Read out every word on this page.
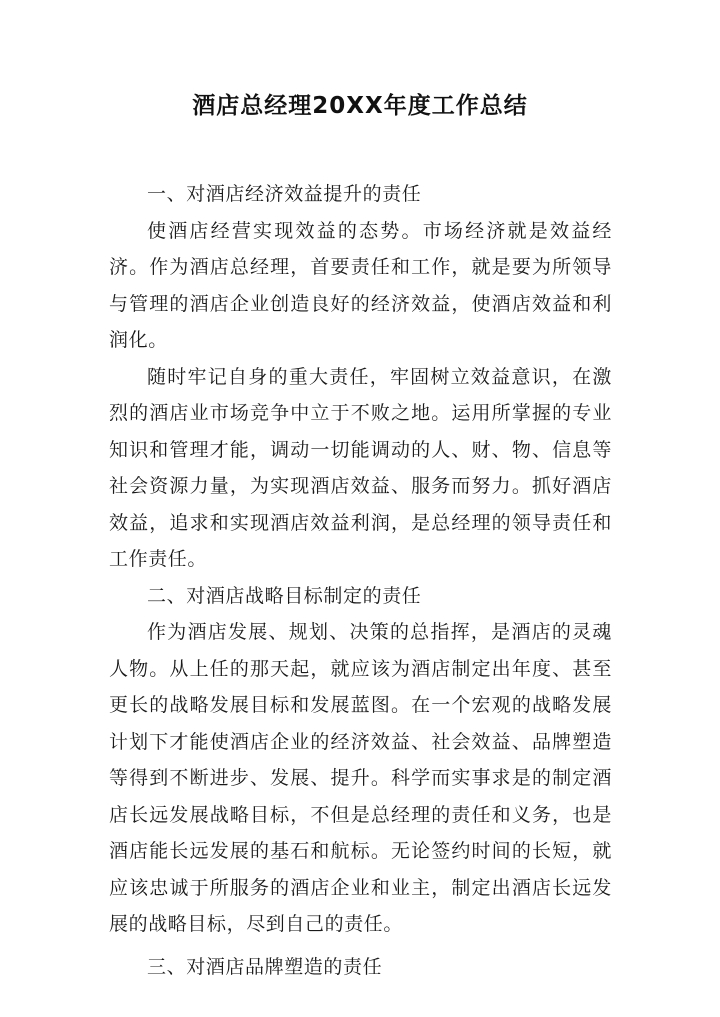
酒店总经理20XX年度工作总结

一、对酒店经济效益提升的责任

使酒店经营实现效益的态势。市场经济就是效益经济。作为酒店总经理，首要责任和工作，就是要为所领导与管理的酒店企业创造良好的经济效益，使酒店效益和利润化。

随时牢记自身的重大责任，牢固树立效益意识，在激烈的酒店业市场竞争中立于不败之地。运用所掌握的专业知识和管理才能，调动一切能调动的人、财、物、信息等社会资源力量，为实现酒店效益、服务而努力。抓好酒店效益，追求和实现酒店效益利润，是总经理的领导责任和工作责任。

二、对酒店战略目标制定的责任

作为酒店发展、规划、决策的总指挥，是酒店的灵魂人物。从上任的那天起，就应该为酒店制定出年度、甚至更长的战略发展目标和发展蓝图。在一个宏观的战略发展计划下才能使酒店企业的经济效益、社会效益、品牌塑造等得到不断进步、发展、提升。科学而实事求是的制定酒店长远发展战略目标，不但是总经理的责任和义务，也是酒店能长远发展的基石和航标。无论签约时间的长短，就应该忠诚于所服务的酒店企业和业主，制定出酒店长远发展的战略目标，尽到自己的责任。

三、对酒店品牌塑造的责任
